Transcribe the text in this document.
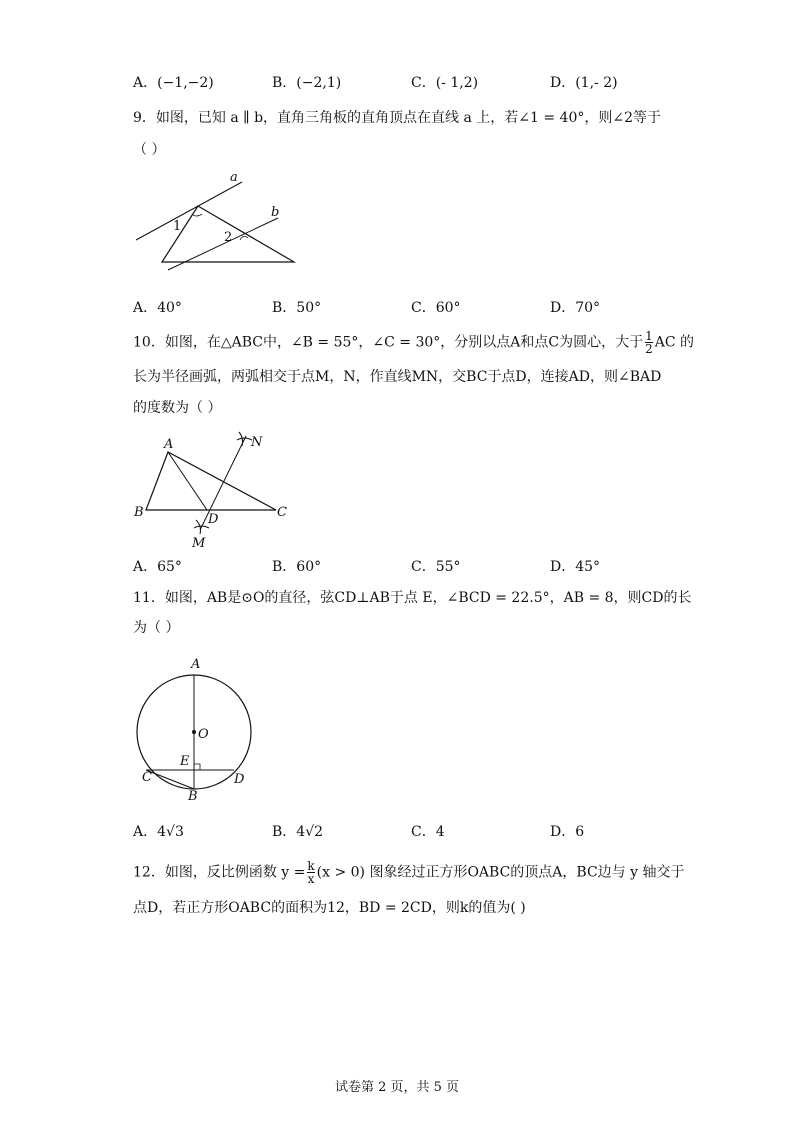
A．(−1,−2)	B．(−2,1)	C．(- 1,2)	D．(1,- 2)
9．如图，已知 a ∥ b，直角三角板的直角顶点在直线 a 上，若∠1 = 40°，则∠2等于
（ ）
a
b
1
2
A．40°	B．50°	C．60°	D．70°
10．如图，在△ABC中，∠B = 55°，∠C = 30°，分别以点A和点C为圆心，大于 $\frac{1}{2}$ AC 的
长为半径画弧，两弧相交于点M，N，作直线MN，交BC于点D，连接AD，则∠BAD
的度数为（ ）
A
B	C
D
M
N
A．65°	B．60°	C．55°	D．45°
11．如图，AB是⊙O的直径，弦CD⊥AB于点 E，∠BCD = 22.5°，AB = 8，则CD的长
为（ ）
A
O
E
C	D
B
A．4√3	B．4√2	C．4	D．6
12．如图，反比例函数 $y = \frac{k}{x} (x > 0)$ 图象经过正方形OABC的顶点A，BC边与 y 轴交于
点D，若正方形OABC的面积为12，BD = 2CD，则k的值为( )
试卷第 2 页，共 5 页
